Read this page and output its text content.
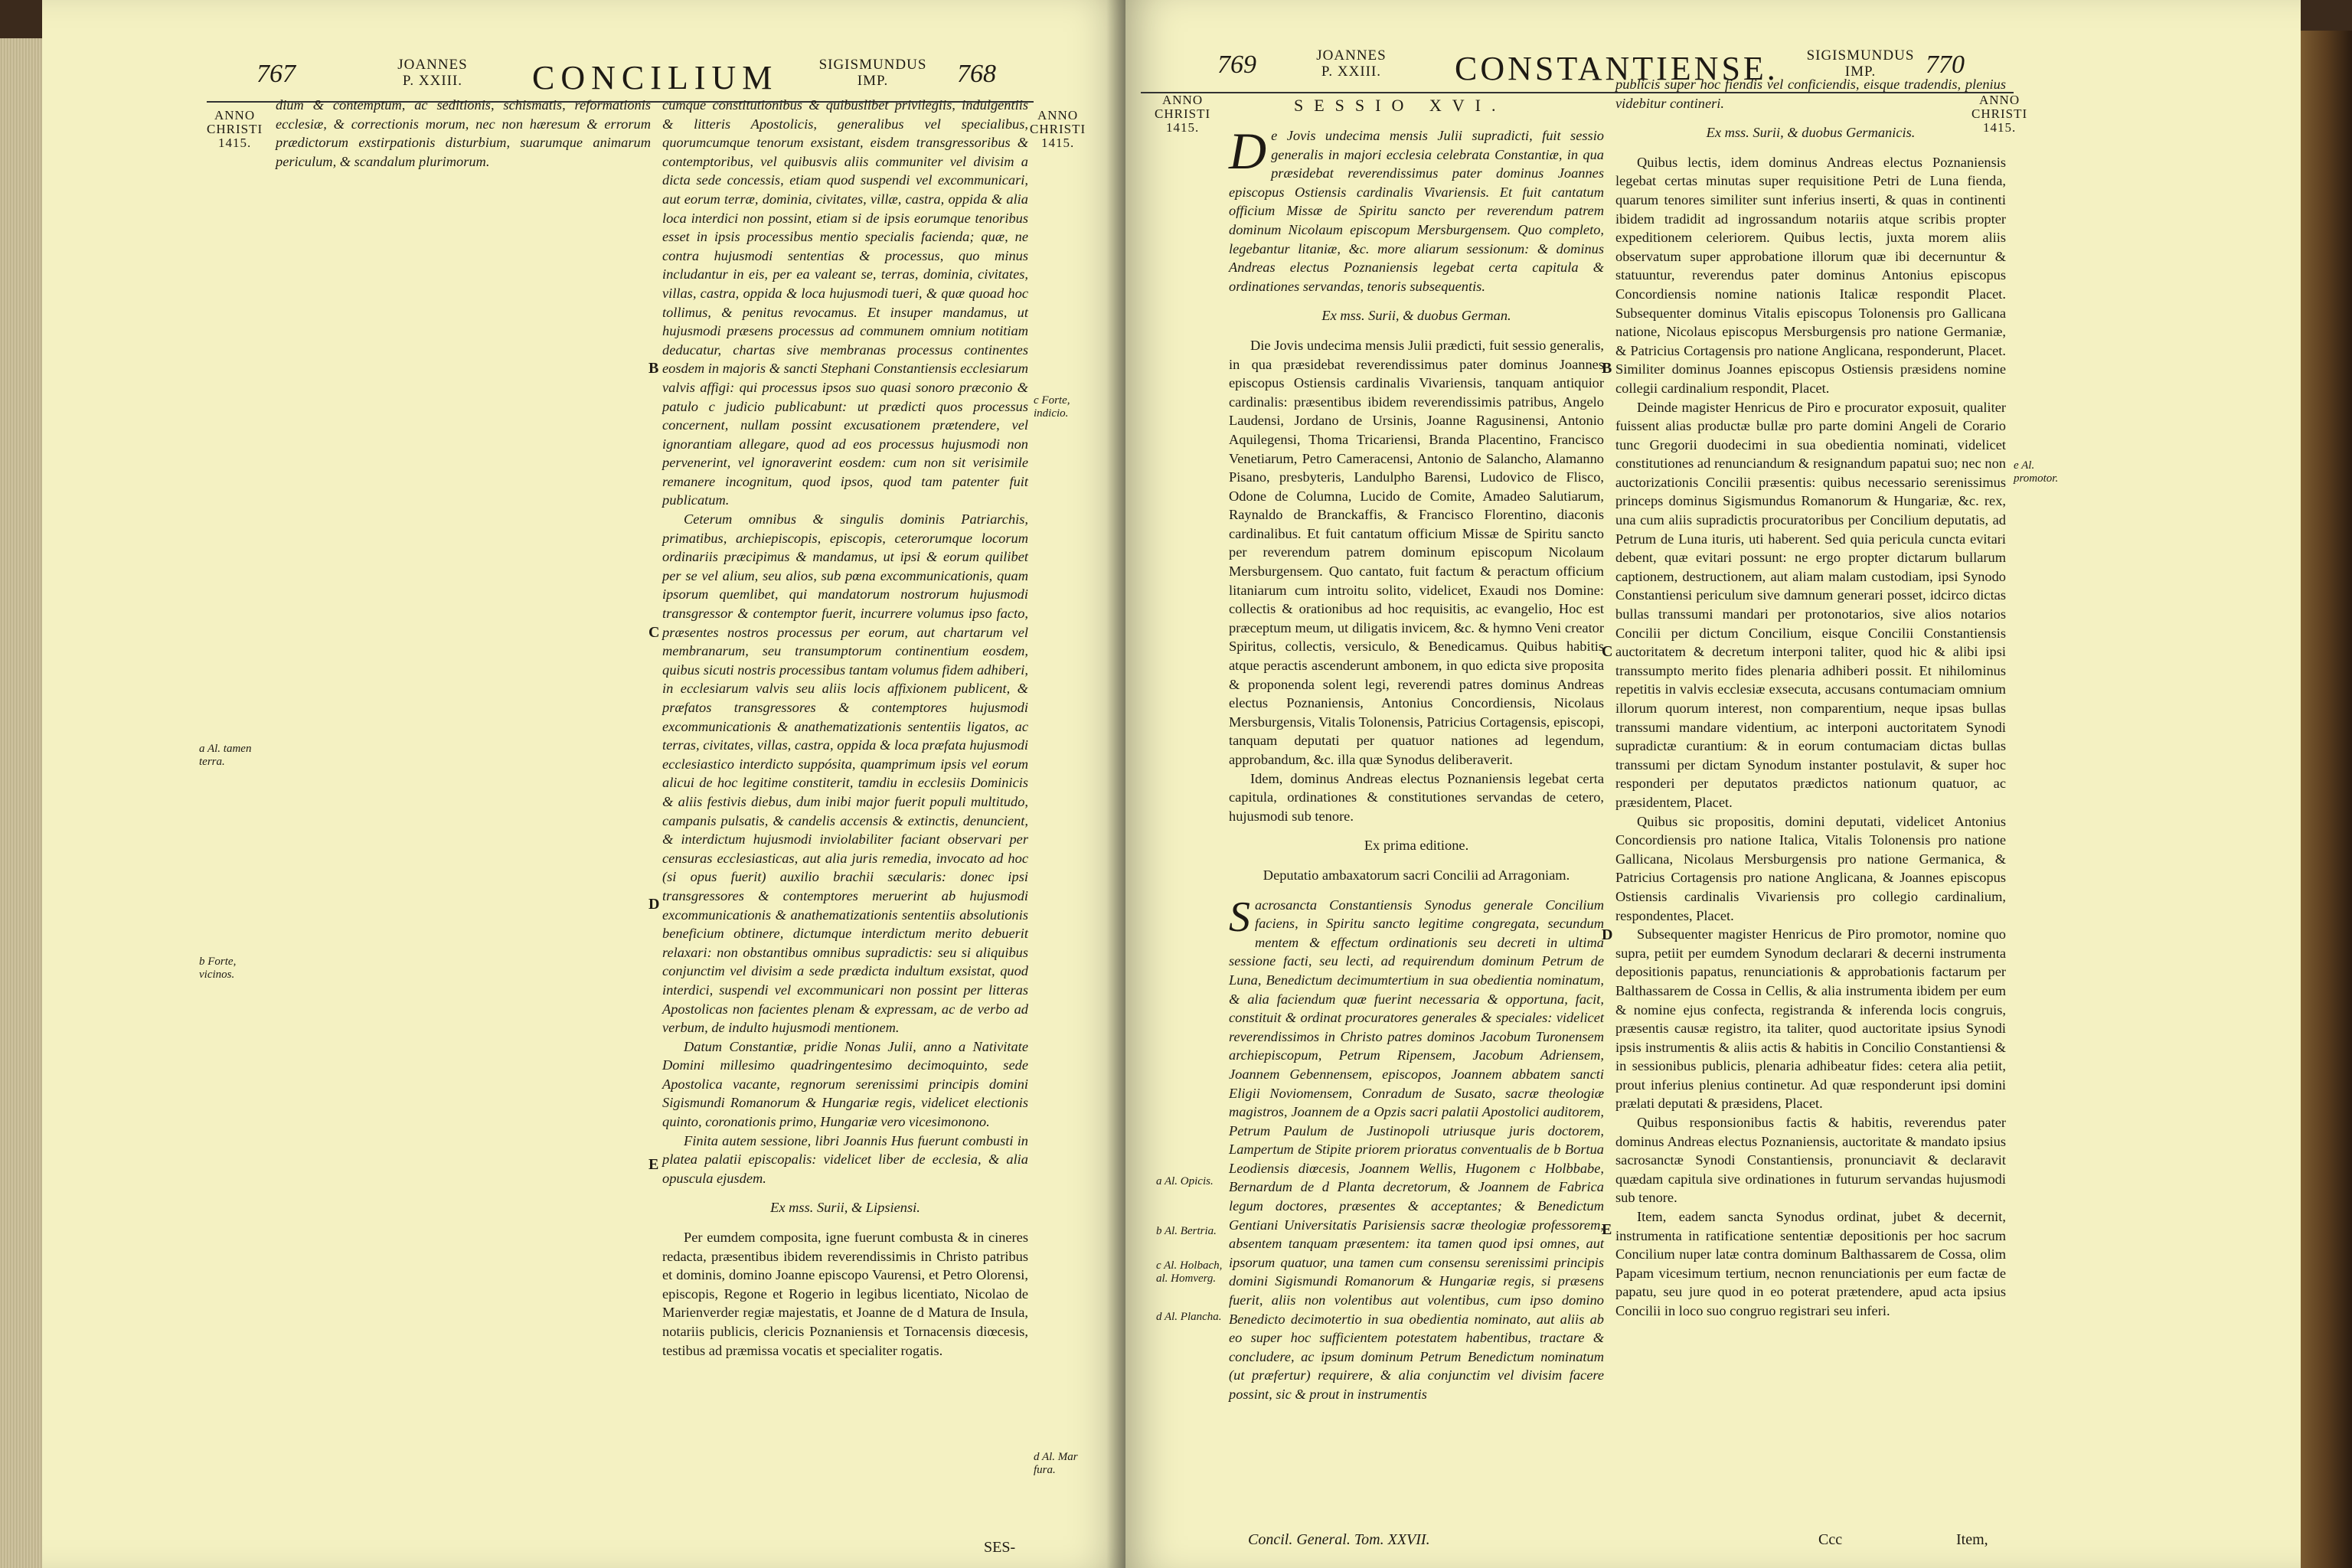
767	JOANNES
P. XXIII.	CONCILIUM	SIGISMUNDUS
IMP.	768
ANNO
CHRISTI
1415.
ANNO
CHRISTI
1415.

dium & contemptum, ac seditionis, schismatis, reformationis ecclesiæ, & correctionis morum, nec non hæresum & errorum prædictorum exstirpationis disturbium, suarumque animarum periculum, & scandalum plurimorum.

cumque constitutionibus & quibuslibet privilegiis, indulgentiis & litteris Apostolicis, generalibus vel specialibus, quorumcumque tenorum exsistant, eisdem transgressoribus & contemptoribus, vel quibusvis aliis communiter vel divisim a dicta sede concessis, etiam quod suspendi vel excommunicari, aut eorum terræ, dominia, civitates, villæ, castra, oppida & alia loca interdici non possint, etiam si de ipsis eorumque tenoribus esset in ipsis processibus mentio specialis facienda; quæ, ne contra hujusmodi sententias & processus, quo minus includantur in eis, per ea valeant se, terras, dominia, civitates, villas, castra, oppida & loca hujusmodi tueri, & quæ quoad hoc tollimus, & penitus revocamus. Et insuper mandamus, ut hujusmodi præsens processus ad communem omnium notitiam deducatur, chartas sive membranas processus continentes eosdem in majoris & sancti Stephani Constantiensis ecclesiarum valvis affigi: qui processus ipsos suo quasi sonoro præconio & patulo c judicio publicabunt: ut prædicti quos processus concernent, nullam possint excusationem prætendere, vel ignorantiam allegare, quod ad eos processus hujusmodi non pervenerint, vel ignoraverint eosdem: cum non sit verisimile remanere incognitum, quod ipsos, quod tam patenter fuit publicatum.

Ceterum omnibus & singulis dominis Patriarchis, primatibus, archiepiscopis, episcopis, ceterorumque locorum ordinariis præcipimus & mandamus, ut ipsi & eorum quilibet per se vel alium, seu alios, sub pœna excommunicationis, quam ipsorum quemlibet, qui mandatorum nostrorum hujusmodi transgressor & contemptor fuerit, incurrere volumus ipso facto, præsentes nostros processus per eorum, aut chartarum vel membranarum, seu transumptorum continentium eosdem, quibus sicuti nostris processibus tantam volumus fidem adhiberi, in ecclesiarum valvis seu aliis locis affixionem publicent, & præfatos transgressores & contemptores hujusmodi excommunicationis & anathematizationis sententiis ligatos, ac terras, civitates, villas, castra, oppida & loca præfata hujusmodi ecclesiastico interdicto suppósita, quamprimum ipsis vel eorum alicui de hoc legitime constiterit, tamdiu in ecclesiis Dominicis & aliis festivis diebus, dum inibi major fuerit populi multitudo, campanis pulsatis, & candelis accensis & extinctis, denuncient, & interdictum hujusmodi inviolabiliter faciant observari per censuras ecclesiasticas, aut alia juris remedia, invocato ad hoc (si opus fuerit) auxilio brachii sæcularis: donec ipsi transgressores & contemptores meruerint ab hujusmodi excommunicationis & anathematizationis sententiis absolutionis beneficium obtinere, dictumque interdictum merito debuerit relaxari: non obstantibus omnibus supradictis: seu si aliquibus conjunctim vel divisim a sede prædicta indultum exsistat, quod interdici, suspendi vel excommunicari non possint per litteras Apostolicas non facientes plenam & expressam, ac de verbo ad verbum, de indulto hujusmodi mentionem.

Datum Constantiæ, pridie Nonas Julii, anno a Nativitate Domini millesimo quadringentesimo decimoquinto, sede Apostolica vacante, regnorum serenissimi principis domini Sigismundi Romanorum & Hungariæ regis, videlicet electionis quinto, coronationis primo, Hungariæ vero vicesimonono.

Finita autem sessione, libri Joannis Hus fuerunt combusti in platea palatii episcopalis: videlicet liber de ecclesia, & alia opuscula ejusdem.

Ex mss. Surii, & Lipsiensi.

Per eumdem composita, igne fuerunt combusta & in cineres redacta, præsentibus ibidem reverendissimis in Christo patribus et dominis, domino Joanne episcopo Vaurensi, et Petro Olorensi, episcopis, Regone et Rogerio in legibus licentiato, Nicolao de Marienverder regiæ majestatis, et Joanne de d Matura de Insula, notariis publicis, clericis Poznaniensis et Tornacensis diœcesis, testibus ad præmissa vocatis et specialiter rogatis.

a Al. tamen terra.
b Forte, vicinos.
c Forte, indicio.
d Al. Mar fura.
B
C
D
E
SES-
769	JOANNES
P. XXIII.	CONSTANTIENSE.	SIGISMUNDUS
IMP.	770
ANNO
CHRISTI
1415.
ANNO
CHRISTI
1415.
SESSIO XVI.

De Jovis undecima mensis Julii supradicti, fuit sessio generalis in majori ecclesia celebrata Constantiæ, in qua præsidebat reverendissimus pater dominus Joannes episcopus Ostiensis cardinalis Vivariensis. Et fuit cantatum officium Missæ de Spiritu sancto per reverendum patrem dominum Nicolaum episcopum Mersburgensem. Quo completo, legebantur litaniæ, &c. more aliarum sessionum: & dominus Andreas electus Poznaniensis legebat certa capitula & ordinationes servandas, tenoris subsequentis.

Ex mss. Surii, & duobus German.

Die Jovis undecima mensis Julii prædicti, fuit sessio generalis, in qua præsidebat reverendissimus pater dominus Joannes episcopus Ostiensis cardinalis Vivariensis, tanquam antiquior cardinalis: præsentibus ibidem reverendissimis patribus, Angelo Laudensi, Jordano de Ursinis, Joanne Ragusinensi, Antonio Aquilegensi, Thoma Tricariensi, Branda Placentino, Francisco Venetiarum, Petro Cameracensi, Antonio de Salancho, Alamanno Pisano, presbyteris, Landulpho Barensi, Ludovico de Flisco, Odone de Columna, Lucido de Comite, Amadeo Salutiarum, Raynaldo de Branckaffis, & Francisco Florentino, diaconis cardinalibus. Et fuit cantatum officium Missæ de Spiritu sancto per reverendum patrem dominum episcopum Nicolaum Mersburgensem. Quo cantato, fuit factum & peractum officium litaniarum cum introitu solito, videlicet, Exaudi nos Domine: collectis & orationibus ad hoc requisitis, ac evangelio, Hoc est præceptum meum, ut diligatis invicem, &c. & hymno Veni creator Spiritus, collectis, versiculo, & Benedicamus. Quibus habitis atque peractis ascenderunt ambonem, in quo edicta sive proposita & proponenda solent legi, reverendi patres dominus Andreas electus Poznaniensis, Antonius Concordiensis, Nicolaus Mersburgensis, Vitalis Tolonensis, Patricius Cortagensis, episcopi, tanquam deputati per quatuor nationes ad legendum, approbandum, &c. illa quæ Synodus deliberaverit.

Idem, dominus Andreas electus Poznaniensis legebat certa capitula, ordinationes & constitutiones servandas de cetero, hujusmodi sub tenore.

Ex prima editione.

Deputatio ambaxatorum sacri Concilii ad Arragoniam.

Sacrosancta Constantiensis Synodus generale Concilium faciens, in Spiritu sancto legitime congregata, secundum mentem & effectum ordinationis seu decreti in ultima sessione facti, seu lecti, ad requirendum dominum Petrum de Luna, Benedictum decimumtertium in sua obedientia nominatum, & alia faciendum quæ fuerint necessaria & opportuna, facit, constituit & ordinat procuratores generales & speciales: videlicet reverendissimos in Christo patres dominos Jacobum Turonensem archiepiscopum, Petrum Ripensem, Jacobum Adriensem, Joannem Gebennensem, episcopos, Joannem abbatem sancti Eligii Noviomensem, Conradum de Susato, sacræ theologiæ magistros, Joannem de a Opzis sacri palatii Apostolici auditorem, Petrum Paulum de Justinopoli utriusque juris doctorem, Lampertum de Stipite priorem prioratus conventualis de b Bortua Leodiensis diœcesis, Joannem Wellis, Hugonem c Holbbabe, Bernardum de d Planta decretorum, & Joannem de Fabrica legum doctores, præsentes & acceptantes; & Benedictum Gentiani Universitatis Parisiensis sacræ theologiæ professorem, absentem tanquam præsentem: ita tamen quod ipsi omnes, aut ipsorum quatuor, una tamen cum consensu serenissimi principis domini Sigismundi Romanorum & Hungariæ regis, si præsens fuerit, aliis non volentibus aut volentibus, cum ipso domino Benedicto decimotertio in sua obedientia nominato, aut aliis ab eo super hoc sufficientem potestatem habentibus, tractare & concludere, ac ipsum dominum Petrum Benedictum nominatum (ut præfertur) requirere, & alia conjunctim vel divisim facere possint, sic & prout in instrumentis

publicis super hoc fiendis vel conficiendis, eisque tradendis, plenius videbitur contineri.

Ex mss. Surii, & duobus Germanicis.

Quibus lectis, idem dominus Andreas electus Poznaniensis legebat certas minutas super requisitione Petri de Luna fienda, quarum tenores similiter sunt inferius inserti, & quas in continenti ibidem tradidit ad ingrossandum notariis atque scribis propter expeditionem celeriorem. Quibus lectis, juxta morem aliis observatum super approbatione illorum quæ ibi decernuntur & statuuntur, reverendus pater dominus Antonius episcopus Concordiensis nomine nationis Italicæ respondit Placet. Subsequenter dominus Vitalis episcopus Tolonensis pro Gallicana natione, Nicolaus episcopus Mersburgensis pro natione Germaniæ, & Patricius Cortagensis pro natione Anglicana, responderunt, Placet. Similiter dominus Joannes episcopus Ostiensis præsidens nomine collegii cardinalium respondit, Placet.

Deinde magister Henricus de Piro e procurator exposuit, qualiter fuissent alias productæ bullæ pro parte domini Angeli de Corario tunc Gregorii duodecimi in sua obedientia nominati, videlicet constitutiones ad renunciandum & resignandum papatui suo; nec non auctorizationis Concilii præsentis: quibus necessario serenissimus princeps dominus Sigismundus Romanorum & Hungariæ, &c. rex, una cum aliis supradictis procuratoribus per Concilium deputatis, ad Petrum de Luna ituris, uti haberent. Sed quia pericula cuncta evitari debent, quæ evitari possunt: ne ergo propter dictarum bullarum captionem, destructionem, aut aliam malam custodiam, ipsi Synodo Constantiensi periculum sive damnum generari posset, idcirco dictas bullas transsumi mandari per protonotarios, sive alios notarios Concilii per dictum Concilium, eisque Concilii Constantiensis auctoritatem & decretum interponi taliter, quod hic & alibi ipsi transsumpto merito fides plenaria adhiberi possit. Et nihilominus repetitis in valvis ecclesiæ exsecuta, accusans contumaciam omnium illorum quorum interest, non comparentium, neque ipsas bullas transsumi mandare videntium, ac interponi auctoritatem Synodi supradictæ curantium: & in eorum contumaciam dictas bullas transsumi per dictam Synodum instanter postulavit, & super hoc responderi per deputatos prædictos nationum quatuor, ac præsidentem, Placet.

Quibus sic propositis, domini deputati, videlicet Antonius Concordiensis pro natione Italica, Vitalis Tolonensis pro natione Gallicana, Nicolaus Mersburgensis pro natione Germanica, & Patricius Cortagensis pro natione Anglicana, & Joannes episcopus Ostiensis cardinalis Vivariensis pro collegio cardinalium, respondentes, Placet.

Subsequenter magister Henricus de Piro promotor, nomine quo supra, petiit per eumdem Synodum declarari & decerni instrumenta depositionis papatus, renunciationis & approbationis factarum per Balthassarem de Cossa in Cellis, & alia instrumenta ibidem per eum & nomine ejus confecta, registranda & inferenda locis congruis, præsentis causæ registro, ita taliter, quod auctoritate ipsius Synodi ipsis instrumentis & aliis actis & habitis in Concilio Constantiensi & in sessionibus publicis, plenaria adhibeatur fides: cetera alia petiit, prout inferius plenius continetur. Ad quæ responderunt ipsi domini prælati deputati & præsidens, Placet.

Quibus responsionibus factis & habitis, reverendus pater dominus Andreas electus Poznaniensis, auctoritate & mandato ipsius sacrosanctæ Synodi Constantiensis, pronunciavit & declaravit quædam capitula sive ordinationes in futurum servandas hujusmodi sub tenore.

Item, eadem sancta Synodus ordinat, jubet & decernit, instrumenta in ratificatione sententiæ depositionis per hoc sacrum Concilium nuper latæ contra dominum Balthassarem de Cossa, olim Papam vicesimum tertium, necnon renunciationis per eum factæ de papatu, seu jure quod in eo poterat prætendere, apud acta ipsius Concilii in loco suo congruo registrari seu inferi.

a Al. Opicis.
b Al. Bertria.
c Al. Holbach, al. Homverg.
d Al. Plancha.
e Al. promotor.
B
C
D
E
Concil. General. Tom. XXVII.	Ccc	Item,
